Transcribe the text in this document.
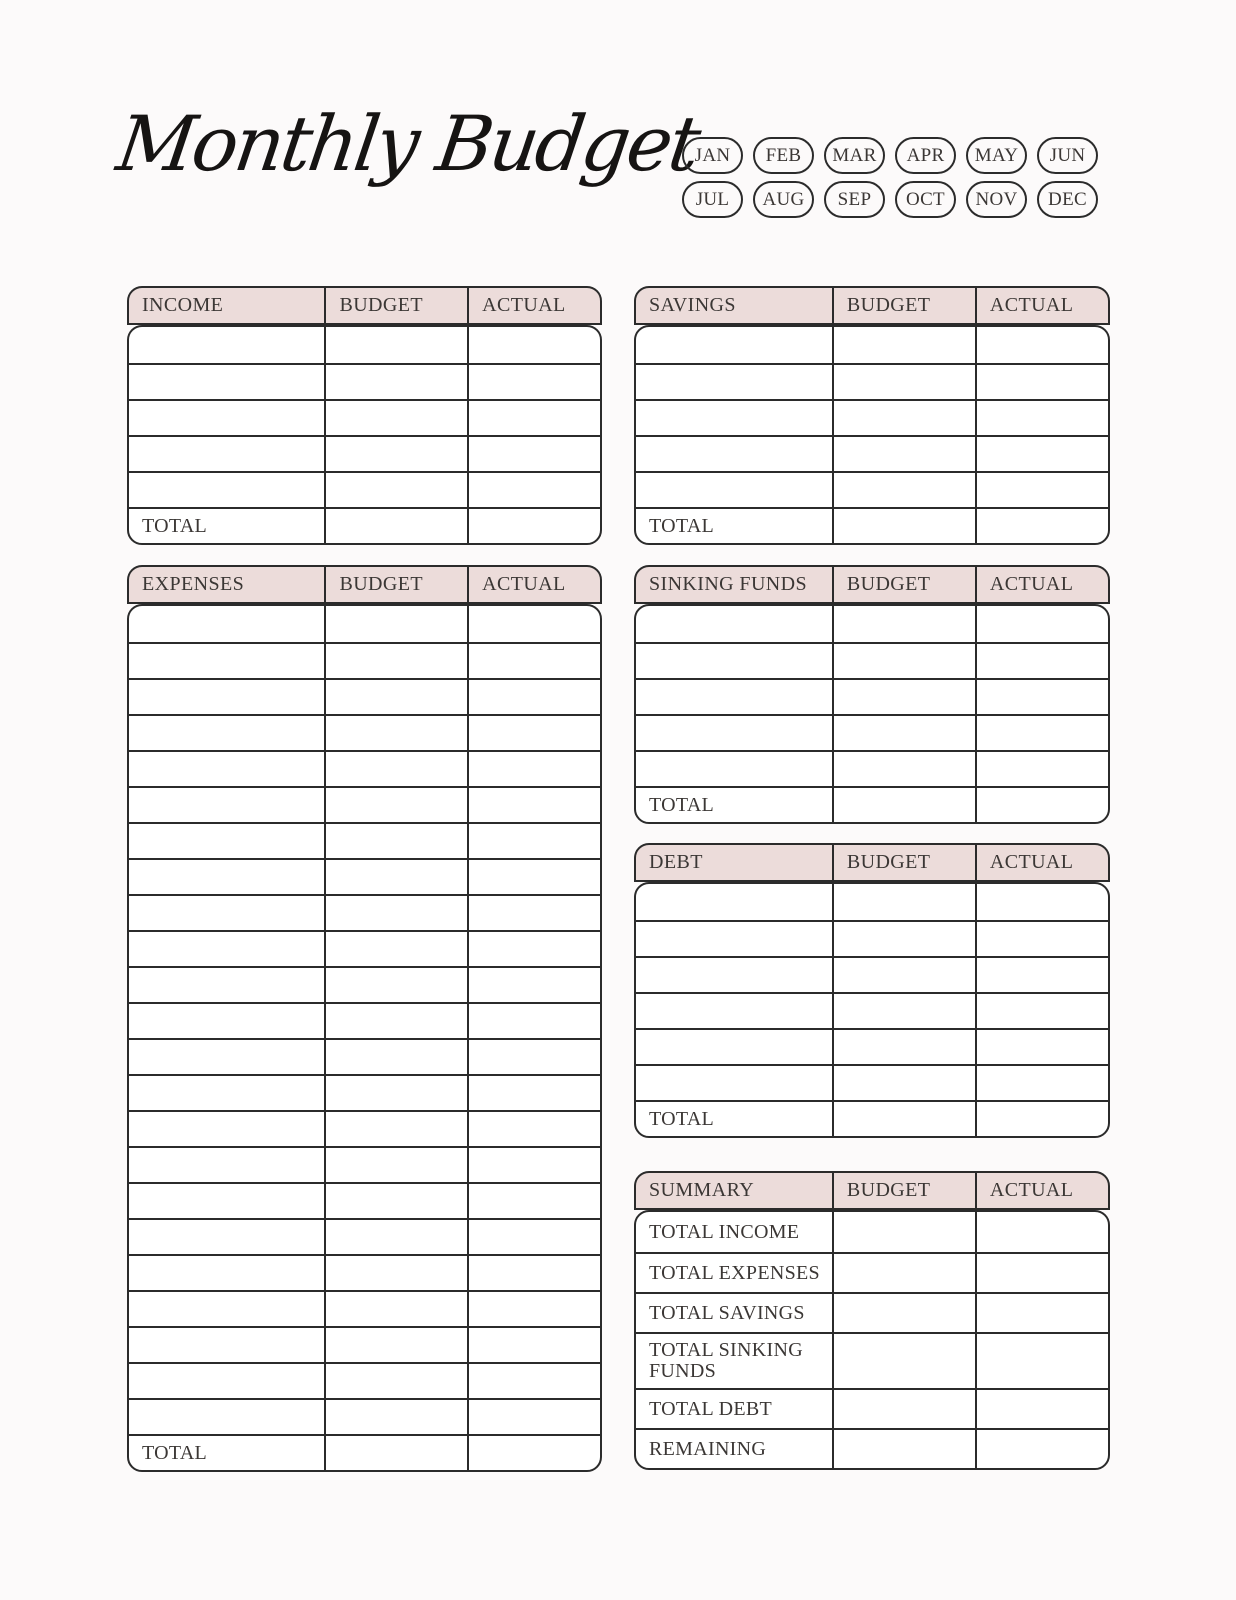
Monthly Budget
JAN	FEB	MAR	APR	MAY	JUN
JUL	AUG	SEP	OCT	NOV	DEC
INCOME	BUDGET	ACTUAL
TOTAL
SAVINGS	BUDGET	ACTUAL
TOTAL
EXPENSES	BUDGET	ACTUAL
TOTAL
SINKING FUNDS	BUDGET	ACTUAL
TOTAL
DEBT	BUDGET	ACTUAL
TOTAL
SUMMARY	BUDGET	ACTUAL
TOTAL INCOME
TOTAL EXPENSES
TOTAL SAVINGS
TOTAL SINKING FUNDS
TOTAL DEBT
REMAINING
